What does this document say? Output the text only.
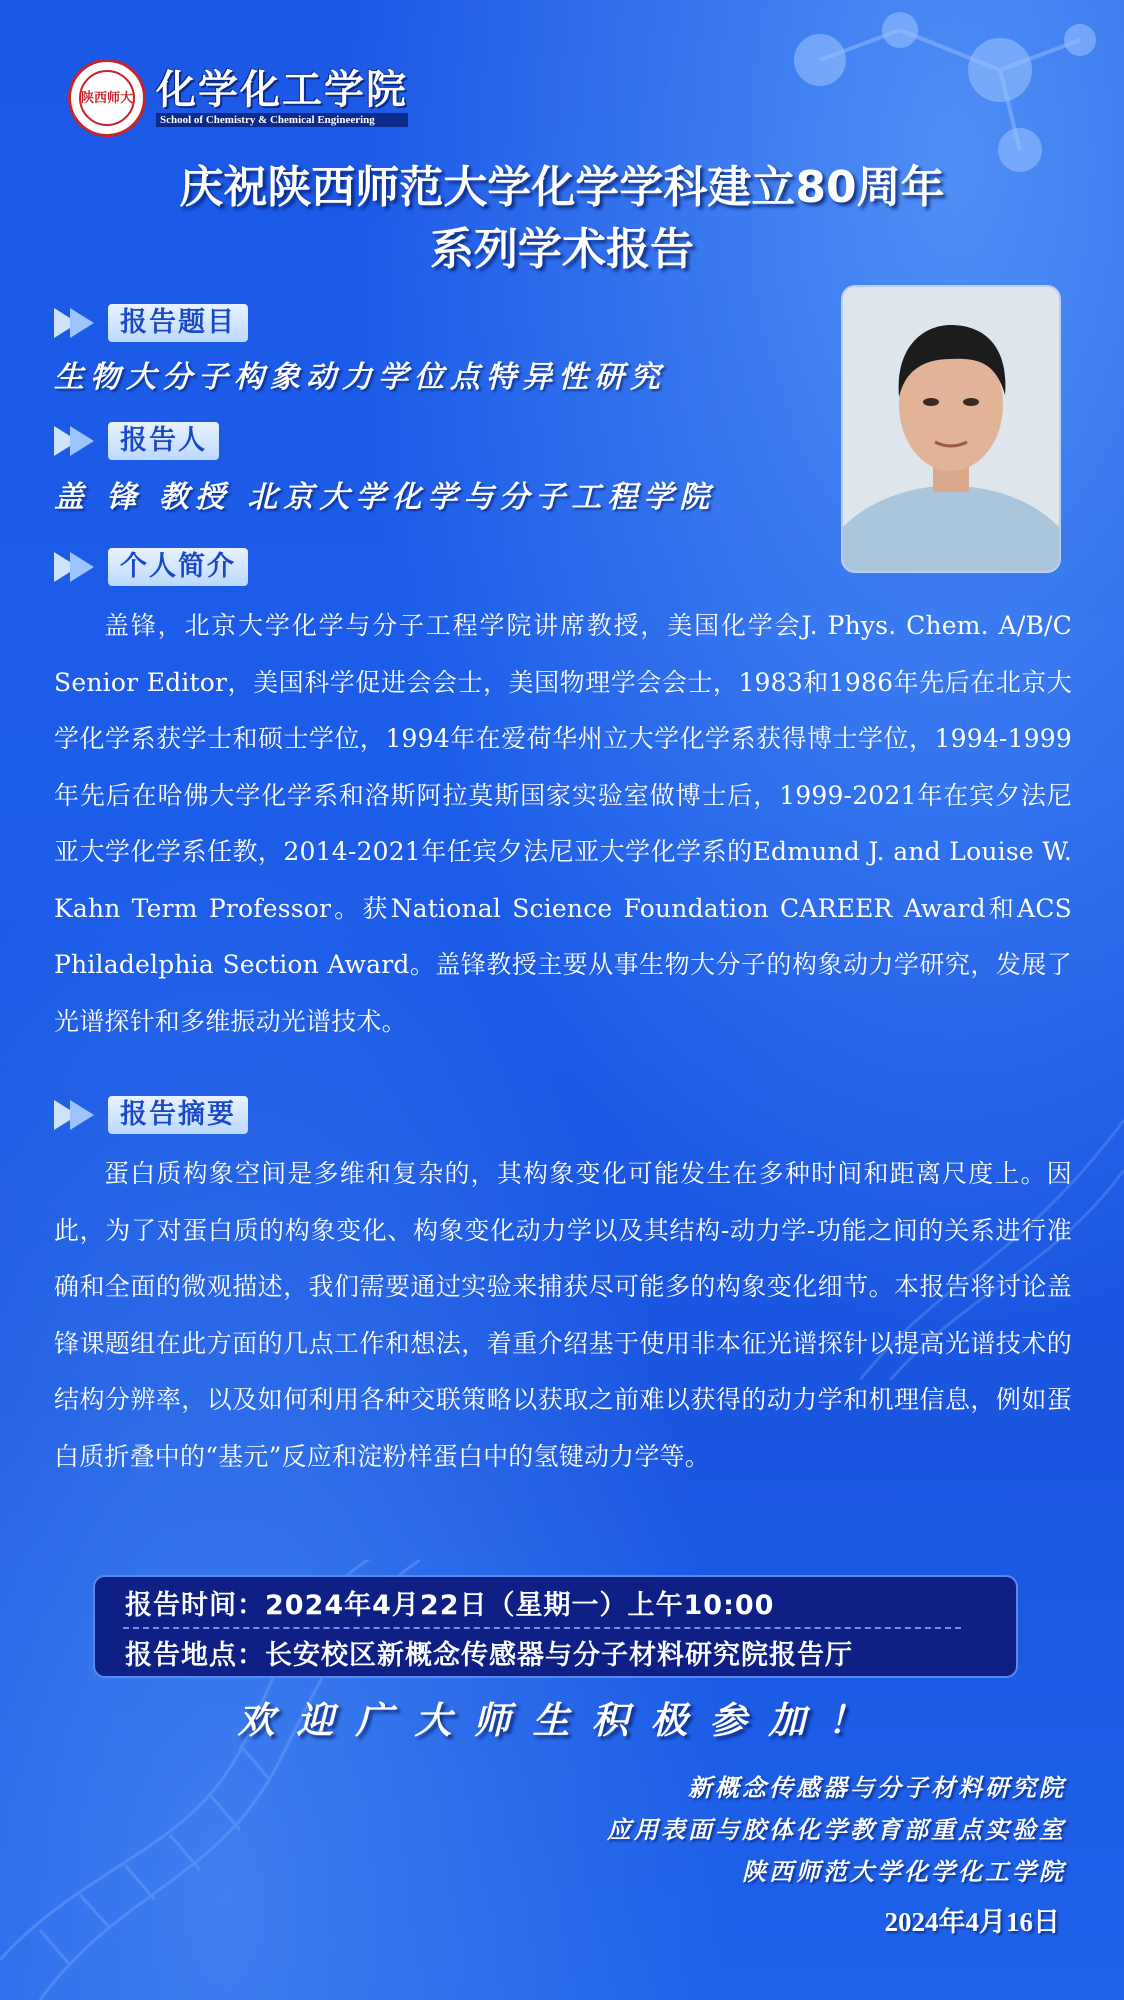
陕西师大 化学化工学院
School of Chemistry & Chemical Engineering
庆祝陕西师范大学化学学科建立80周年
系列学术报告
报告题目
生物大分子构象动力学位点特异性研究
报告人
盖 锋 教授 北京大学化学与分子工程学院
个人简介
盖锋，北京大学化学与分子工程学院讲席教授，美国化学会J. Phys. Chem. A/B/C Senior Editor，美国科学促进会会士，美国物理学会会士，1983和1986年先后在北京大学化学系获学士和硕士学位，1994年在爱荷华州立大学化学系获得博士学位，1994-1999年先后在哈佛大学化学系和洛斯阿拉莫斯国家实验室做博士后，1999-2021年在宾夕法尼亚大学化学系任教，2014-2021年任宾夕法尼亚大学化学系的Edmund J. and Louise W. Kahn Term Professor。获National Science Foundation CAREER Award和ACS Philadelphia Section Award。盖锋教授主要从事生物大分子的构象动力学研究，发展了光谱探针和多维振动光谱技术。
报告摘要
蛋白质构象空间是多维和复杂的，其构象变化可能发生在多种时间和距离尺度上。因此，为了对蛋白质的构象变化、构象变化动力学以及其结构-动力学-功能之间的关系进行准确和全面的微观描述，我们需要通过实验来捕获尽可能多的构象变化细节。本报告将讨论盖锋课题组在此方面的几点工作和想法，着重介绍基于使用非本征光谱探针以提高光谱技术的结构分辨率，以及如何利用各种交联策略以获取之前难以获得的动力学和机理信息，例如蛋白质折叠中的“基元”反应和淀粉样蛋白中的氢键动力学等。
报告时间：2024年4月22日（星期一）上午10:00
报告地点：长安校区新概念传感器与分子材料研究院报告厅
欢迎广大师生积极参加！
新概念传感器与分子材料研究院
应用表面与胶体化学教育部重点实验室
陕西师范大学化学化工学院
2024年4月16日
